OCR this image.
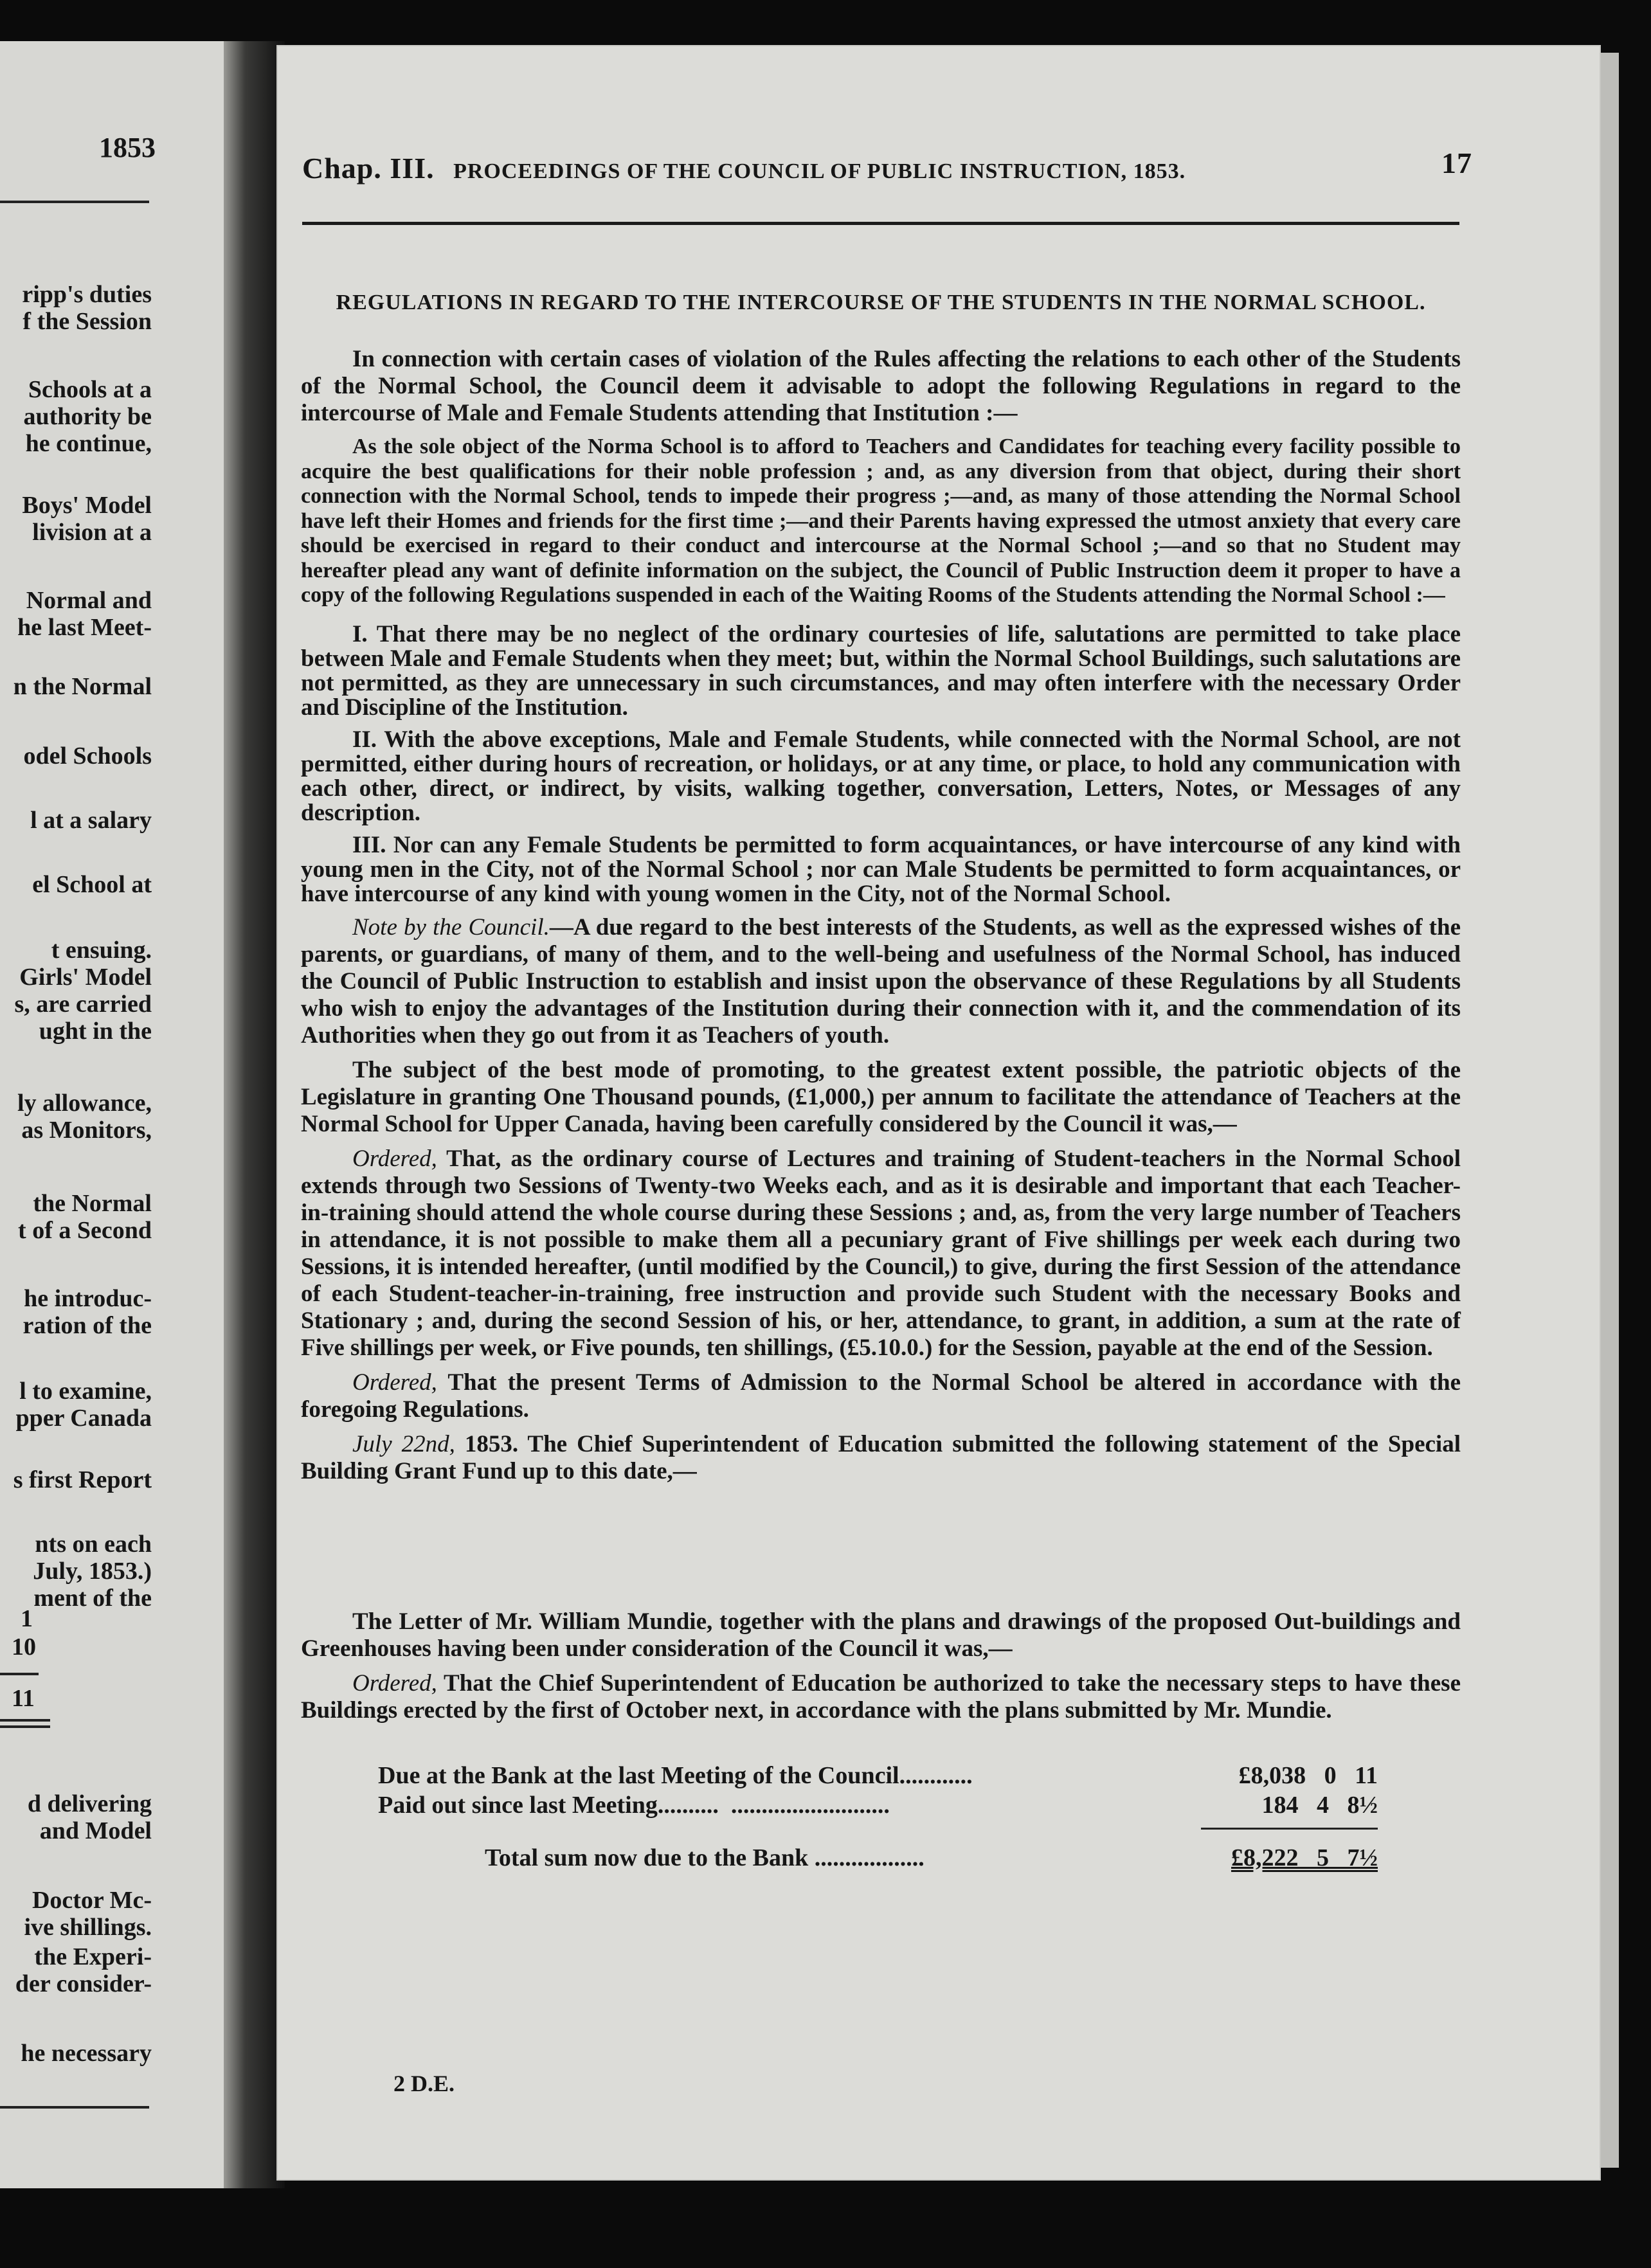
1853
ripp's duties
f the Session
Schools at a
authority be
he continue,
Boys' Model
livision at a
Normal and
he last Meet-
n the Normal
odel Schools
l at a salary
el School at
t ensuing.
Girls' Model
s, are carried
ught in the
ly allowance,
as Monitors,
the Normal
t of a Second
he introduc-
ration of the
l to examine,
pper Canada
s first Report
nts on each
July, 1853.)
ment of the
d delivering
and Model
Doctor Mc-
ive shillings.
the Experi-
der consider-
he necessary
1
10
11
Chap. III. PROCEEDINGS OF THE COUNCIL OF PUBLIC INSTRUCTION, 1853.	17
REGULATIONS IN REGARD TO THE INTERCOURSE OF THE STUDENTS IN THE NORMAL SCHOOL.

In connection with certain cases of violation of the Rules affecting the relations to each other of the Students of the Normal School, the Council deem it advisable to adopt the following Regulations in regard to the intercourse of Male and Female Students attending that Institution :—

As the sole object of the Norma School is to afford to Teachers and Candidates for teaching every facility possible to acquire the best qualifications for their noble profession ; and, as any diversion from that object, during their short connection with the Normal School, tends to impede their progress ;—and, as many of those attending the Normal School have left their Homes and friends for the first time ;—and their Parents having expressed the utmost anxiety that every care should be exercised in regard to their conduct and intercourse at the Normal School ;—and so that no Student may hereafter plead any want of definite information on the subject, the Council of Public Instruction deem it proper to have a copy of the following Regulations suspended in each of the Waiting Rooms of the Students attending the Normal School :—

I. That there may be no neglect of the ordinary courtesies of life, salutations are permitted to take place between Male and Female Students when they meet; but, within the Normal School Buildings, such salutations are not permitted, as they are unnecessary in such circumstances, and may often interfere with the necessary Order and Discipline of the Institution.

II. With the above exceptions, Male and Female Students, while connected with the Normal School, are not permitted, either during hours of recreation, or holidays, or at any time, or place, to hold any communication with each other, direct, or indirect, by visits, walking together, conversation, Letters, Notes, or Messages of any description.

III. Nor can any Female Students be permitted to form acquaintances, or have intercourse of any kind with young men in the City, not of the Normal School ; nor can Male Students be permitted to form acquaintances, or have intercourse of any kind with young women in the City, not of the Normal School.

Note by the Council.—A due regard to the best interests of the Students, as well as the expressed wishes of the parents, or guardians, of many of them, and to the well-being and usefulness of the Normal School, has induced the Council of Public Instruction to establish and insist upon the observance of these Regulations by all Students who wish to enjoy the advantages of the Institution during their connection with it, and the commendation of its Authorities when they go out from it as Teachers of youth.

The subject of the best mode of promoting, to the greatest extent possible, the patriotic objects of the Legislature in granting One Thousand pounds, (£1,000,) per annum to facilitate the attendance of Teachers at the Normal School for Upper Canada, having been carefully considered by the Council it was,—

Ordered, That, as the ordinary course of Lectures and training of Student-teachers in the Normal School extends through two Sessions of Twenty-two Weeks each, and as it is desirable and important that each Teacher-in-training should attend the whole course during these Sessions ; and, as, from the very large number of Teachers in attendance, it is not possible to make them all a pecuniary grant of Five shillings per week each during two Sessions, it is intended hereafter, (until modified by the Council,) to give, during the first Session of the attendance of each Student-teacher-in-training, free instruction and provide such Student with the necessary Books and Stationary ; and, during the second Session of his, or her, attendance, to grant, in addition, a sum at the rate of Five shillings per week, or Five pounds, ten shillings, (£5.10.0.) for the Session, payable at the end of the Session.

Ordered, That the present Terms of Admission to the Normal School be altered in accordance with the foregoing Regulations.

July 22nd, 1853. The Chief Superintendent of Education submitted the following statement of the Special Building Grant Fund up to this date,—

The Letter of Mr. William Mundie, together with the plans and drawings of the proposed Out-buildings and Greenhouses having been under consideration of the Council it was,—

Ordered, That the Chief Superintendent of Education be authorized to take the necessary steps to have these Buildings erected by the first of October next, in accordance with the plans submitted by Mr. Mundie.

Due at the Bank at the last Meeting of the Council............	£8,038   0   11
Paid out since last Meeting..........  ..........................	184   4   8½
Total sum now due to the Bank ..................	£8,222   5   7½
2 D.E.
